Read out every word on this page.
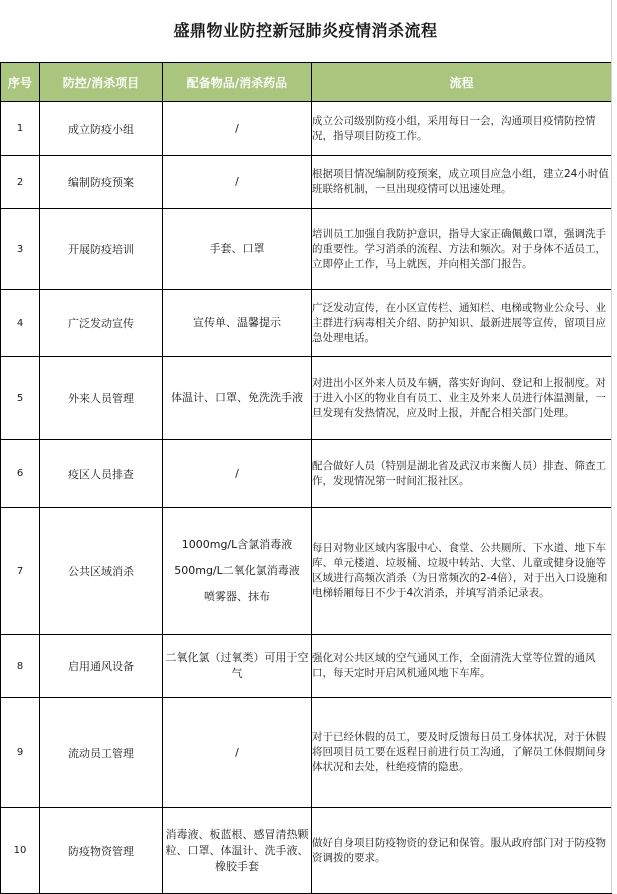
盛鼎物业防控新冠肺炎疫情消杀流程
序号	防控/消杀项目	配备物品/消杀药品	流程
1	成立防疫小组	/	成立公司级别防疫小组，采用每日一会，沟通项目疫情防控情况，指导项目防疫工作。
2	编制防疫预案	/	根据项目情况编制防疫预案，成立项目应急小组，建立24小时值班联络机制，一旦出现疫情可以迅速处理。
3	开展防疫培训	手套、口罩	培训员工加强自我防护意识，指导大家正确佩戴口罩，强调洗手的重要性。学习消杀的流程、方法和频次。对于身体不适员工，立即停止工作，马上就医，并向相关部门报告。
4	广泛发动宣传	宣传单、温馨提示	广泛发动宣传，在小区宣传栏、通知栏、电梯或物业公众号、业主群进行病毒相关介绍、防护知识、最新进展等宣传，留项目应急处理电话。
5	外来人员管理	体温计、口罩、免洗洗手液	对进出小区外来人员及车辆，落实好询问、登记和上报制度。对于进入小区的物业自有员工、业主及外来人员进行体温测量，一旦发现有发热情况，应及时上报，并配合相关部门处理。
6	疫区人员排查	/	配合做好人员（特别是湖北省及武汉市来衡人员）排查、筛查工作，发现情况第一时间汇报社区。
7	公共区域消杀	1000mg/L含氯消毒液
500mg/L二氧化氯消毒液
喷雾器、抹布	每日对物业区域内客服中心、食堂、公共厕所、下水道、地下车库、单元楼道、垃圾桶、垃圾中转站、大堂、儿童或健身设施等区域进行高频次消杀（为日常频次的2-4倍），对于出入口设施和电梯轿厢每日不少于4次消杀，并填写消杀记录表。
8	启用通风设备	二氧化氯（过氧类）可用于空气	强化对公共区域的空气通风工作，全面清洗大堂等位置的通风口，每天定时开启风机通风地下车库。
9	流动员工管理	/	对于已经休假的员工，要及时反馈每日员工身体状况，对于休假将回项目员工要在返程日前进行员工沟通，了解员工休假期间身体状况和去处，杜绝疫情的隐患。
10	防疫物资管理	消毒液、板蓝根、感冒清热颗粒、口罩、体温计、洗手液、橡胶手套	做好自身项目防疫物资的登记和保管。服从政府部门对于防疫物资调拨的要求。
